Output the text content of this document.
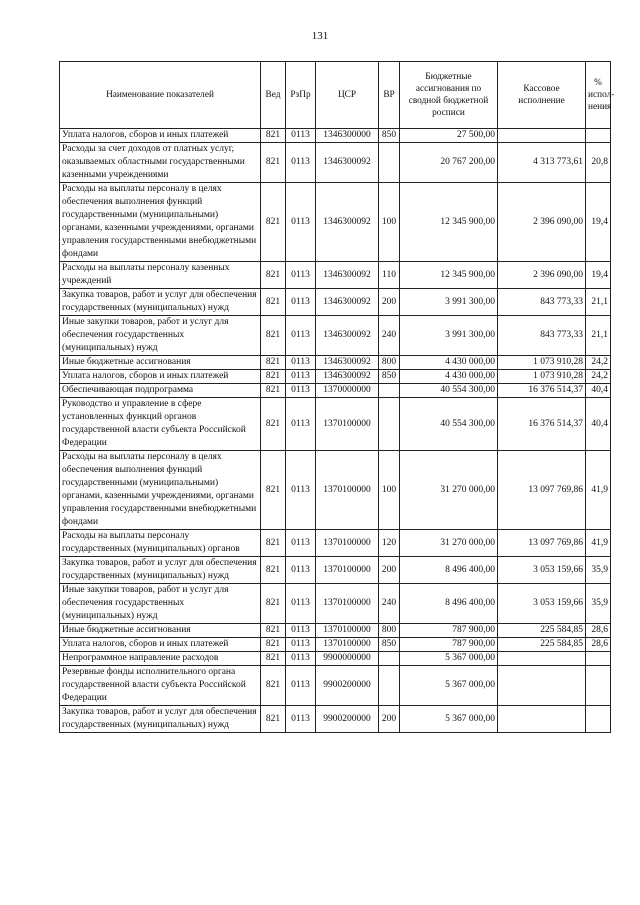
131
Наименование показателей	Вед	РзПр	ЦСР	ВР	Бюджетные ассигнования по сводной бюджетной росписи	Кассовое исполнение	% испол-нения
Уплата налогов, сборов и иных платежей	821	0113	1346300000	850	27 500,00		
Расходы за счет доходов от платных услуг, оказываемых областными государственными казенными учреждениями	821	0113	1346300092		20 767 200,00	4 313 773,61	20,8
Расходы на выплаты персоналу в целях обеспечения выполнения функций государственными (муниципальными) органами, казенными учреждениями, органами управления государственными внебюджетными фондами	821	0113	1346300092	100	12 345 900,00	2 396 090,00	19,4
Расходы на выплаты персоналу казенных учреждений	821	0113	1346300092	110	12 345 900,00	2 396 090,00	19,4
Закупка товаров, работ и услуг для обеспечения государственных (муниципальных) нужд	821	0113	1346300092	200	3 991 300,00	843 773,33	21,1
Иные закупки товаров, работ и услуг для обеспечения государственных (муниципальных) нужд	821	0113	1346300092	240	3 991 300,00	843 773,33	21,1
Иные бюджетные ассигнования	821	0113	1346300092	800	4 430 000,00	1 073 910,28	24,2
Уплата налогов, сборов и иных платежей	821	0113	1346300092	850	4 430 000,00	1 073 910,28	24,2
Обеспечивающая подпрограмма	821	0113	1370000000		40 554 300,00	16 376 514,37	40,4
Руководство и управление в сфере установленных функций органов государственной власти субъекта Российской Федерации	821	0113	1370100000		40 554 300,00	16 376 514,37	40,4
Расходы на выплаты персоналу в целях обеспечения выполнения функций государственными (муниципальными) органами, казенными учреждениями, органами управления государственными внебюджетными фондами	821	0113	1370100000	100	31 270 000,00	13 097 769,86	41,9
Расходы на выплаты персоналу государственных (муниципальных) органов	821	0113	1370100000	120	31 270 000,00	13 097 769,86	41,9
Закупка товаров, работ и услуг для обеспечения государственных (муниципальных) нужд	821	0113	1370100000	200	8 496 400,00	3 053 159,66	35,9
Иные закупки товаров, работ и услуг для обеспечения государственных (муниципальных) нужд	821	0113	1370100000	240	8 496 400,00	3 053 159,66	35,9
Иные бюджетные ассигнования	821	0113	1370100000	800	787 900,00	225 584,85	28,6
Уплата налогов, сборов и иных платежей	821	0113	1370100000	850	787 900,00	225 584,85	28,6
Непрограммное направление расходов	821	0113	9900000000		5 367 000,00		
Резервные фонды исполнительного органа государственной власти субъекта Российской Федерации	821	0113	9900200000		5 367 000,00		
Закупка товаров, работ и услуг для обеспечения государственных (муниципальных) нужд	821	0113	9900200000	200	5 367 000,00		
